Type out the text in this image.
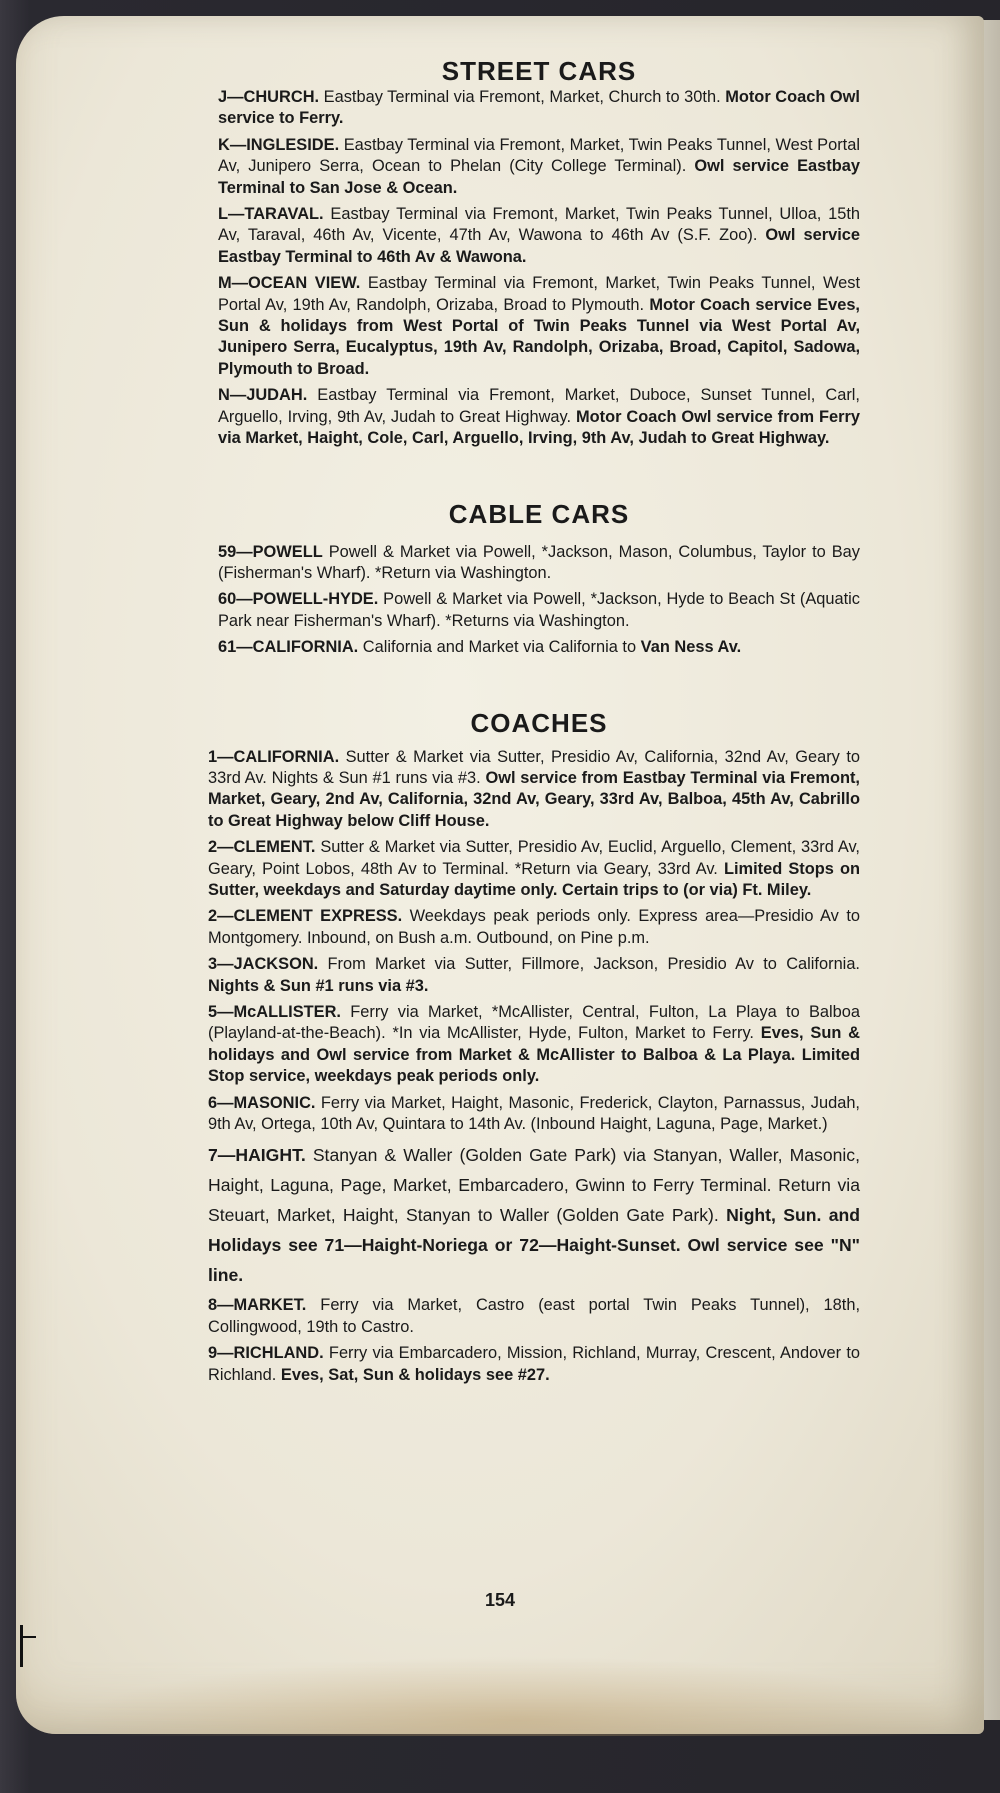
STREET CARS

J—CHURCH. Eastbay Terminal via Fremont, Market, Church to 30th. Motor Coach Owl service to Ferry.

K—INGLESIDE. Eastbay Terminal via Fremont, Market, Twin Peaks Tunnel, West Portal Av, Junipero Serra, Ocean to Phelan (City College Terminal). Owl service Eastbay Terminal to San Jose & Ocean.

L—TARAVAL. Eastbay Terminal via Fremont, Market, Twin Peaks Tunnel, Ulloa, 15th Av, Taraval, 46th Av, Vicente, 47th Av, Wawona to 46th Av (S.F. Zoo). Owl service Eastbay Terminal to 46th Av & Wawona.

M—OCEAN VIEW. Eastbay Terminal via Fremont, Market, Twin Peaks Tunnel, West Portal Av, 19th Av, Randolph, Orizaba, Broad to Plymouth. Motor Coach service Eves, Sun & holidays from West Portal of Twin Peaks Tunnel via West Portal Av, Junipero Serra, Eucalyptus, 19th Av, Randolph, Orizaba, Broad, Capitol, Sadowa, Plymouth to Broad.

N—JUDAH. Eastbay Terminal via Fremont, Market, Duboce, Sunset Tunnel, Carl, Arguello, Irving, 9th Av, Judah to Great Highway. Motor Coach Owl service from Ferry via Market, Haight, Cole, Carl, Arguello, Irving, 9th Av, Judah to Great Highway.

CABLE CARS

59—POWELL Powell & Market via Powell, *Jackson, Mason, Columbus, Taylor to Bay (Fisherman's Wharf). *Return via Washington.

60—POWELL-HYDE. Powell & Market via Powell, *Jackson, Hyde to Beach St (Aquatic Park near Fisherman's Wharf). *Returns via Washington.

61—CALIFORNIA. California and Market via California to Van Ness Av.

COACHES

1—CALIFORNIA. Sutter & Market via Sutter, Presidio Av, California, 32nd Av, Geary to 33rd Av. Nights & Sun #1 runs via #3. Owl service from Eastbay Terminal via Fremont, Market, Geary, 2nd Av, California, 32nd Av, Geary, 33rd Av, Balboa, 45th Av, Cabrillo to Great Highway below Cliff House.

2—CLEMENT. Sutter & Market via Sutter, Presidio Av, Euclid, Arguello, Clement, 33rd Av, Geary, Point Lobos, 48th Av to Terminal. *Return via Geary, 33rd Av. Limited Stops on Sutter, weekdays and Saturday daytime only. Certain trips to (or via) Ft. Miley.

2—CLEMENT EXPRESS. Weekdays peak periods only. Express area—Presidio Av to Montgomery. Inbound, on Bush a.m. Outbound, on Pine p.m.

3—JACKSON. From Market via Sutter, Fillmore, Jackson, Presidio Av to California. Nights & Sun #1 runs via #3.

5—McALLISTER. Ferry via Market, *McAllister, Central, Fulton, La Playa to Balboa (Playland-at-the-Beach). *In via McAllister, Hyde, Fulton, Market to Ferry. Eves, Sun & holidays and Owl service from Market & McAllister to Balboa & La Playa. Limited Stop service, weekdays peak periods only.

6—MASONIC. Ferry via Market, Haight, Masonic, Frederick, Clayton, Parnassus, Judah, 9th Av, Ortega, 10th Av, Quintara to 14th Av. (Inbound Haight, Laguna, Page, Market.)

7—HAIGHT. Stanyan & Waller (Golden Gate Park) via Stanyan, Waller, Masonic, Haight, Laguna, Page, Market, Embarcadero, Gwinn to Ferry Terminal. Return via Steuart, Market, Haight, Stanyan to Waller (Golden Gate Park). Night, Sun. and Holidays see 71—Haight-Noriega or 72—Haight-Sunset. Owl service see "N" line.

8—MARKET. Ferry via Market, Castro (east portal Twin Peaks Tunnel), 18th, Collingwood, 19th to Castro.

9—RICHLAND. Ferry via Embarcadero, Mission, Richland, Murray, Crescent, Andover to Richland. Eves, Sat, Sun & holidays see #27.

154
